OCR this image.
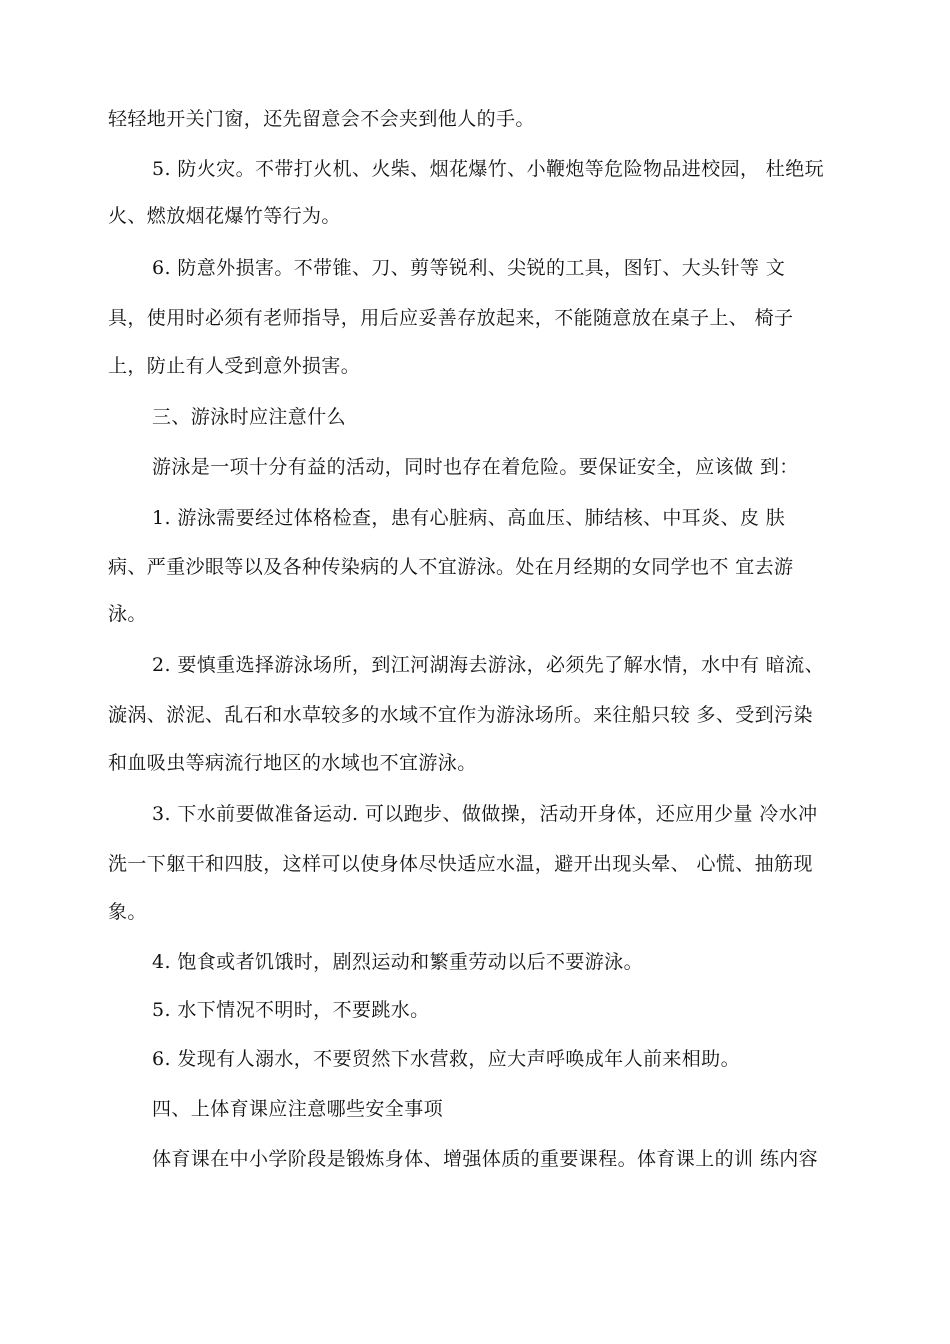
轻轻地开关门窗，还先留意会不会夹到他人的手。
5. 防火灾。不带打火机、火柴、烟花爆竹、小鞭炮等危险物品进校园， 杜绝玩
火、燃放烟花爆竹等行为。
6. 防意外损害。不带锥、刀、剪等锐利、尖锐的工具，图钉、大头针等 文
具，使用时必须有老师指导，用后应妥善存放起来，不能随意放在桌子上、 椅子
上，防止有人受到意外损害。
三、游泳时应注意什么
游泳是一项十分有益的活动，同时也存在着危险。要保证安全，应该做 到：
1. 游泳需要经过体格检查，患有心脏病、高血压、肺结核、中耳炎、皮 肤
病、严重沙眼等以及各种传染病的人不宜游泳。处在月经期的女同学也不 宜去游
泳。
2. 要慎重选择游泳场所，到江河湖海去游泳，必须先了解水情，水中有 暗流、
漩涡、淤泥、乱石和水草较多的水域不宜作为游泳场所。来往船只较 多、受到污染
和血吸虫等病流行地区的水域也不宜游泳。
3. 下水前要做准备运动. 可以跑步、做做操，活动开身体，还应用少量 冷水冲
洗一下躯干和四肢，这样可以使身体尽快适应水温，避开出现头晕、 心慌、抽筋现
象。
4. 饱食或者饥饿时，剧烈运动和繁重劳动以后不要游泳。
5. 水下情况不明时，不要跳水。
6. 发现有人溺水，不要贸然下水营救，应大声呼唤成年人前来相助。
四、上体育课应注意哪些安全事项
体育课在中小学阶段是锻炼身体、增强体质的重要课程。体育课上的训 练内容
